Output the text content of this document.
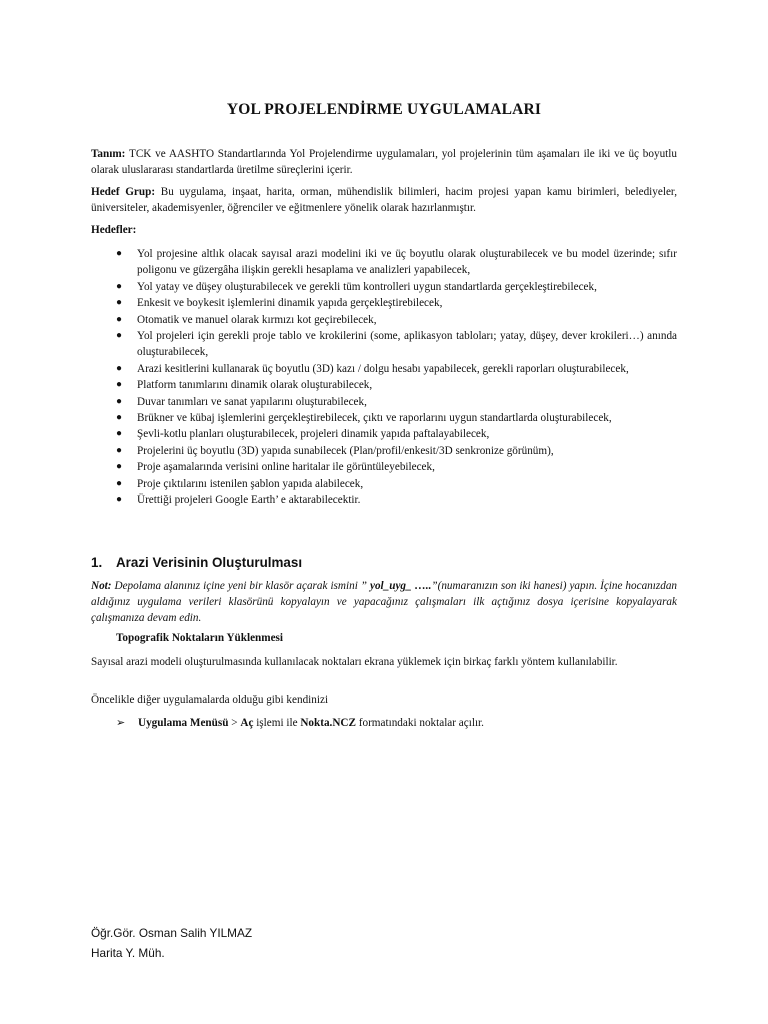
YOL PROJELENDİRME UYGULAMALARI
Tanım: TCK ve AASHTO Standartlarında Yol Projelendirme uygulamaları, yol projelerinin tüm aşamaları ile iki ve üç boyutlu olarak uluslararası standartlarda üretilme süreçlerini içerir.
Hedef Grup: Bu uygulama, inşaat, harita, orman, mühendislik bilimleri, hacim projesi yapan kamu birimleri, belediyeler, üniversiteler, akademisyenler, öğrenciler ve eğitmenlere yönelik olarak hazırlanmıştır.
Hedefler:
● Yol projesine altlık olacak sayısal arazi modelini iki ve üç boyutlu olarak oluşturabilecek ve bu model üzerinde; sıfır poligonu ve güzergâha ilişkin gerekli hesaplama ve analizleri yapabilecek,
● Yol yatay ve düşey oluşturabilecek ve gerekli tüm kontrolleri uygun standartlarda gerçekleştirebilecek,
● Enkesit ve boykesit işlemlerini dinamik yapıda gerçekleştirebilecek,
● Otomatik ve manuel olarak kırmızı kot geçirebilecek,
● Yol projeleri için gerekli proje tablo ve krokilerini (some, aplikasyon tabloları; yatay, düşey, dever krokileri…) anında oluşturabilecek,
● Arazi kesitlerini kullanarak üç boyutlu (3D) kazı / dolgu hesabı yapabilecek, gerekli raporları oluşturabilecek,
● Platform tanımlarını dinamik olarak oluşturabilecek,
● Duvar tanımları ve sanat yapılarını oluşturabilecek,
● Brükner ve kübaj işlemlerini gerçekleştirebilecek, çıktı ve raporlarını uygun standartlarda oluşturabilecek,
● Şevli-kotlu planları oluşturabilecek, projeleri dinamik yapıda paftalayabilecek,
● Projelerini üç boyutlu (3D) yapıda sunabilecek (Plan/profil/enkesit/3D senkronize görünüm),
● Proje aşamalarında verisini online haritalar ile görüntüleyebilecek,
● Proje çıktılarını istenilen şablon yapıda alabilecek,
● Ürettiği projeleri Google Earth’ e aktarabilecektir.
1. Arazi Verisinin Oluşturulması
Not: Depolama alanınız içine yeni bir klasör açarak ismini ” yol_uyg_ …..”(numaranızın son iki hanesi) yapın. İçine hocanızdan aldığınız uygulama verileri klasörünü kopyalayın ve yapacağınız çalışmaları ilk açtığınız dosya içerisine kopyalayarak çalışmanıza devam edin.
Topografik Noktaların Yüklenmesi
Sayısal arazi modeli oluşturulmasında kullanılacak noktaları ekrana yüklemek için birkaç farklı yöntem kullanılabilir.
Öncelikle diğer uygulamalarda olduğu gibi kendinizi
➢ Uygulama Menüsü > Aç işlemi ile Nokta.NCZ formatındaki noktalar açılır.
Öğr.Gör. Osman Salih YILMAZ
Harita Y. Müh.
